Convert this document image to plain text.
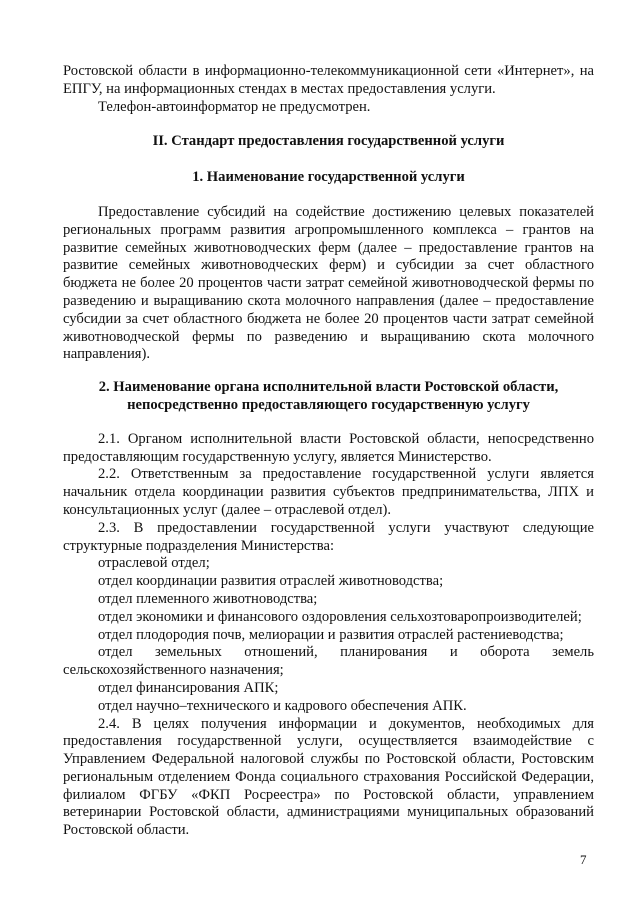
Ростовской области в информационно-телекоммуникационной сети «Интернет», на ЕПГУ, на информационных стендах в местах предоставления услуги.

Телефон-автоинформатор не предусмотрен.

II. Стандарт предоставления государственной услуги

1. Наименование государственной услуги

Предоставление субсидий на содействие достижению целевых показателей региональных программ развития агропромышленного комплекса – грантов на развитие семейных животноводческих ферм (далее – предоставление грантов на развитие семейных животноводческих ферм) и субсидии за счет областного бюджета не более 20 процентов части затрат семейной животноводческой фермы по разведению и выращиванию скота молочного направления (далее – предоставление субсидии за счет областного бюджета не более 20 процентов части затрат семейной животноводческой фермы по разведению и выращиванию скота молочного направления).

2. Наименование органа исполнительной власти Ростовской области,

непосредственно предоставляющего государственную услугу

2.1. Органом исполнительной власти Ростовской области, непосредственно предоставляющим государственную услугу, является Министерство.

2.2. Ответственным за предоставление государственной услуги является начальник отдела координации развития субъектов предпринимательства, ЛПХ и консультационных услуг (далее – отраслевой отдел).

2.3. В предоставлении государственной услуги участвуют следующие структурные подразделения Министерства:

отраслевой отдел;

отдел координации развития отраслей животноводства;

отдел племенного животноводства;

отдел экономики и финансового оздоровления сельхозтоваропроизводителей;

отдел плодородия почв, мелиорации и развития отраслей растениеводства;

отдел земельных отношений, планирования и оборота земель сельскохозяйственного назначения;

отдел финансирования АПК;

отдел научно–технического и кадрового обеспечения АПК.

2.4. В целях получения информации и документов, необходимых для предоставления государственной услуги, осуществляется взаимодействие с Управлением Федеральной налоговой службы по Ростовской области, Ростовским региональным отделением Фонда социального страхования Российской Федерации, филиалом ФГБУ «ФКП Росреестра» по Ростовской области, управлением ветеринарии Ростовской области, администрациями муниципальных образований Ростовской области.

7
